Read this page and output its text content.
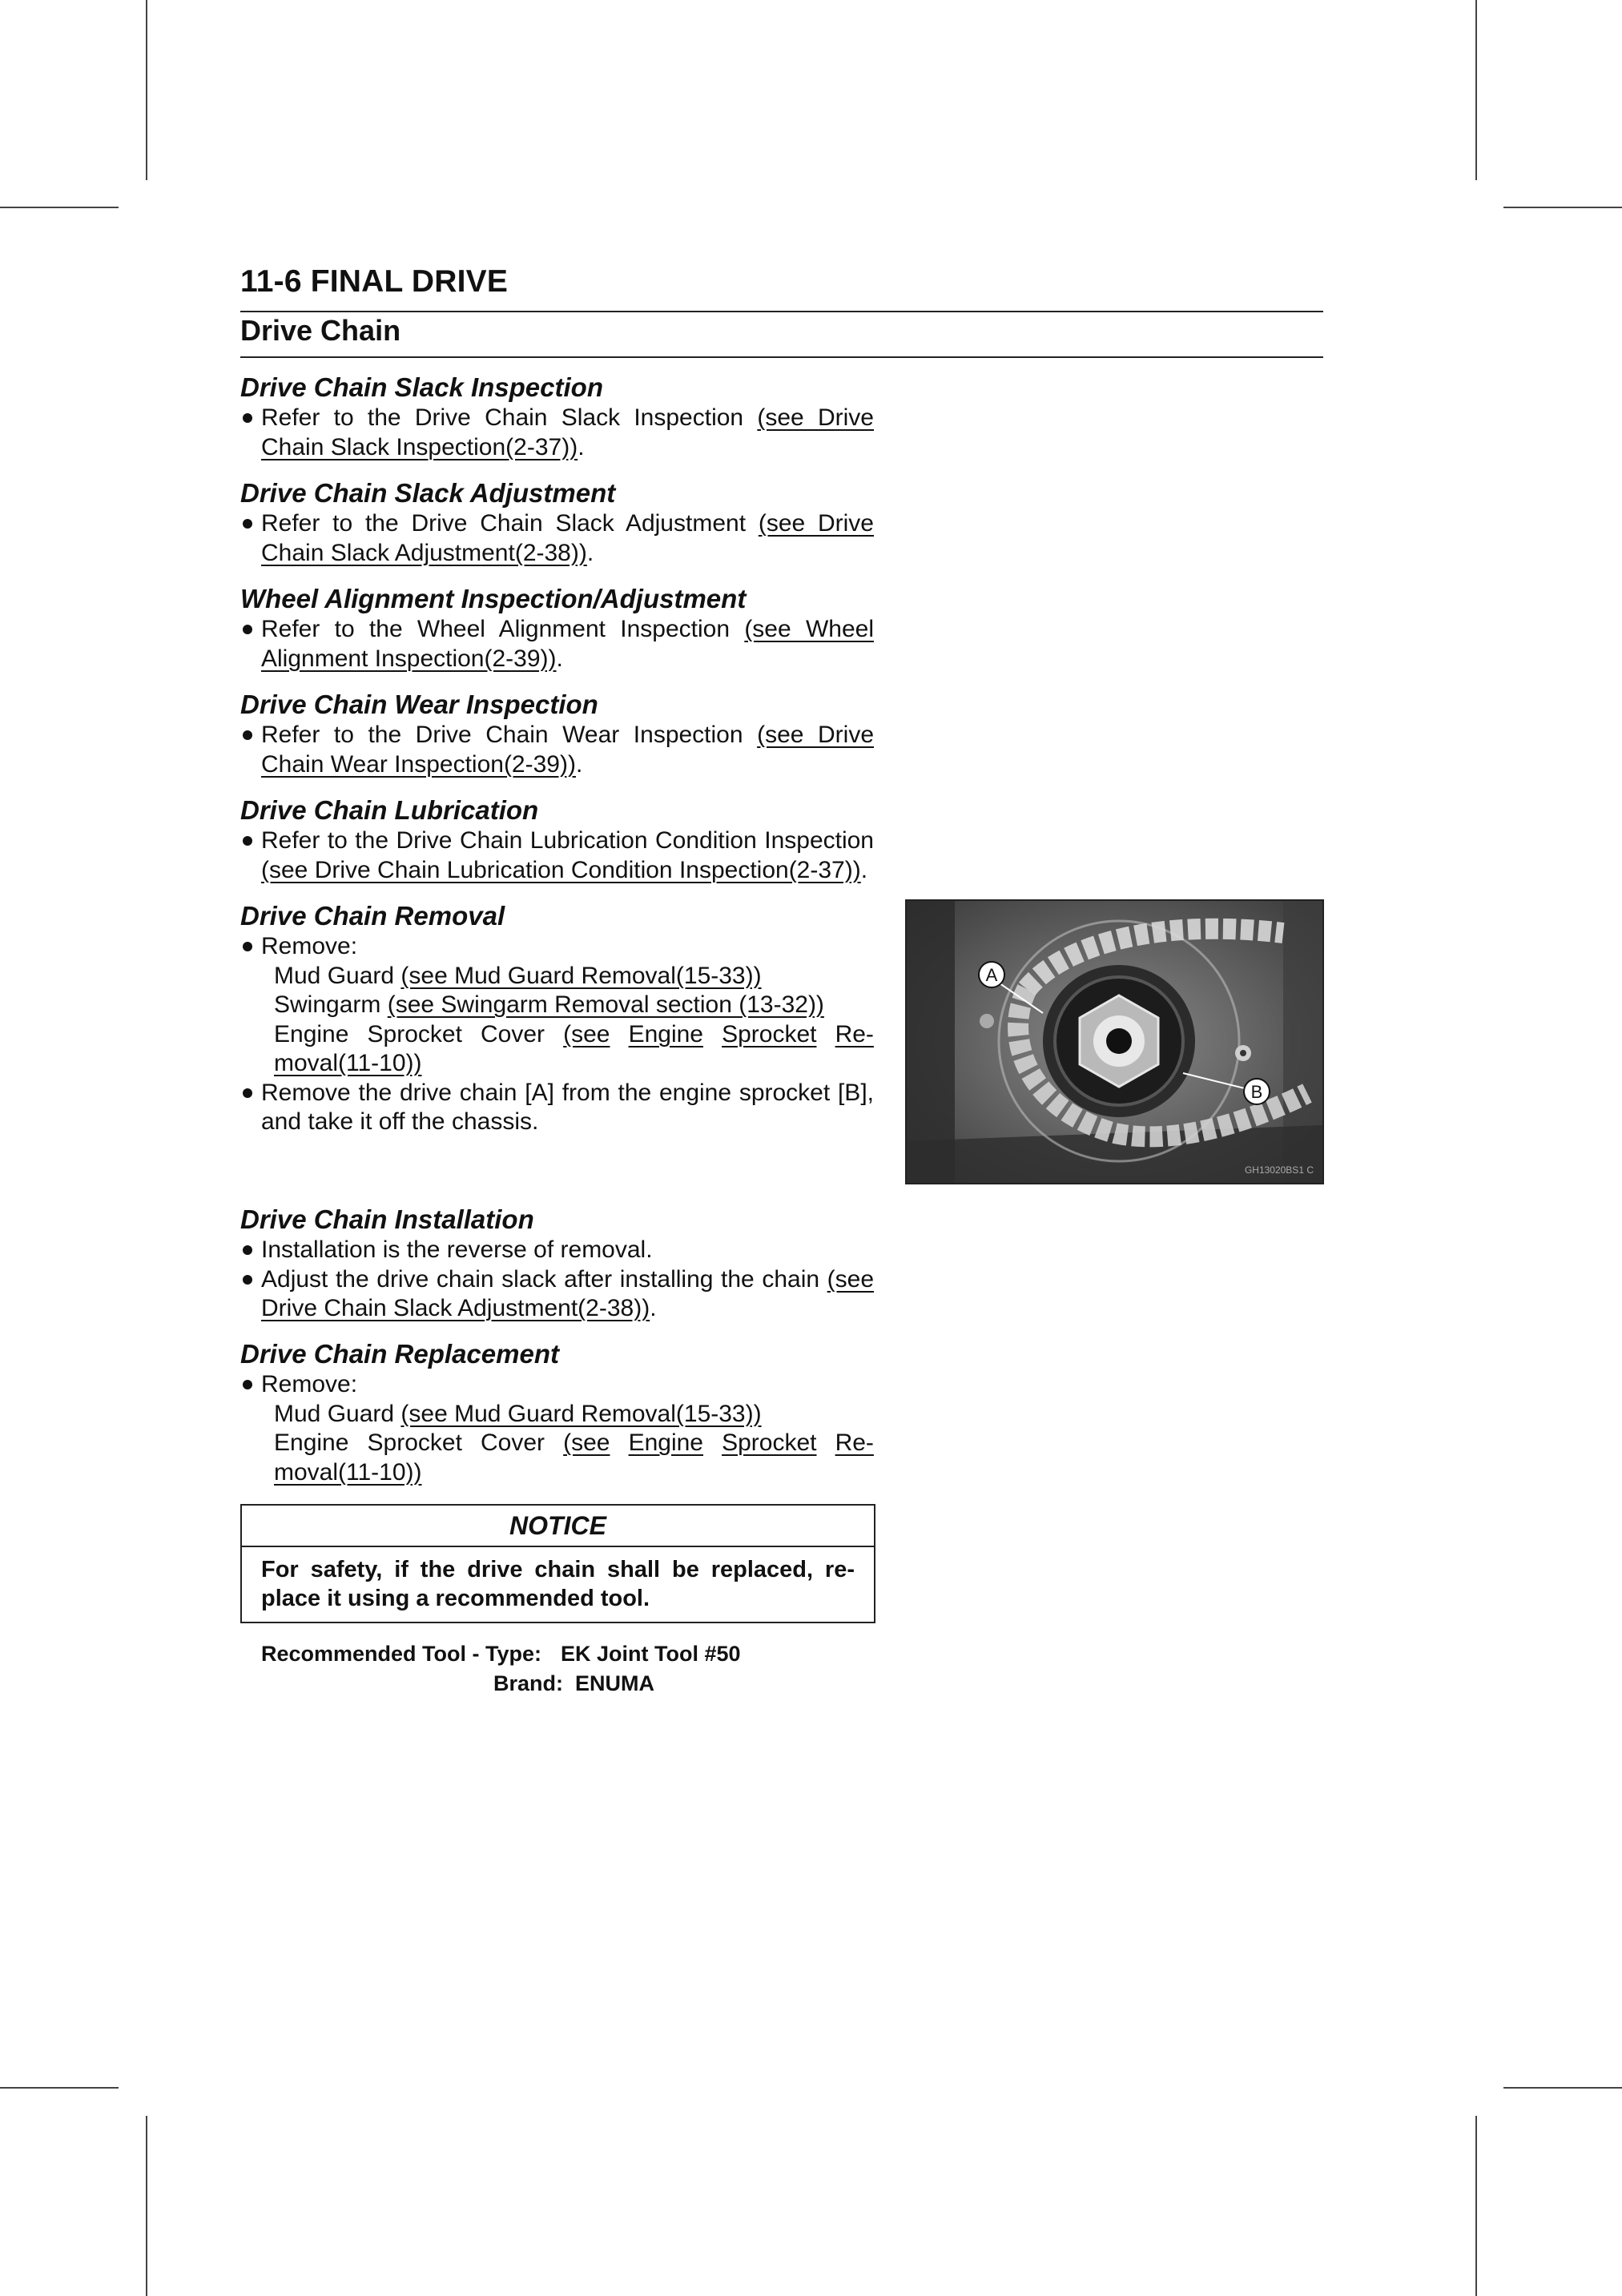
11-6 FINAL DRIVE
Drive Chain
Drive Chain Slack Inspection
Refer to the Drive Chain Slack Inspection (see Drive
Chain Slack Inspection(2-37)).
Drive Chain Slack Adjustment
Refer to the Drive Chain Slack Adjustment (see Drive
Chain Slack Adjustment(2-38)).
Wheel Alignment Inspection/Adjustment
Refer to the Wheel Alignment Inspection (see Wheel
Alignment Inspection(2-39)).
Drive Chain Wear Inspection
Refer to the Drive Chain Wear Inspection (see Drive
Chain Wear Inspection(2-39)).
Drive Chain Lubrication
Refer to the Drive Chain Lubrication Condition Inspection
(see Drive Chain Lubrication Condition Inspection(2-37)).
Drive Chain Removal
Remove:
Mud Guard (see Mud Guard Removal(15-33))
Swingarm (see Swingarm Removal section (13-32))
Engine Sprocket Cover (see Engine Sprocket Re-
moval(11-10))
Remove the drive chain [A] from the engine sprocket [B],
and take it off the chassis.
A
B
GH13020BS1 C
Drive Chain Installation
Installation is the reverse of removal.
Adjust the drive chain slack after installing the chain (see
Drive Chain Slack Adjustment(2-38)).
Drive Chain Replacement
Remove:
Mud Guard (see Mud Guard Removal(15-33))
Engine Sprocket Cover (see Engine Sprocket Re-
moval(11-10))
NOTICE
For safety, if the drive chain shall be replaced, re-place it using a recommended tool.
Recommended Tool - Type: EK Joint Tool #50
Brand: ENUMA
